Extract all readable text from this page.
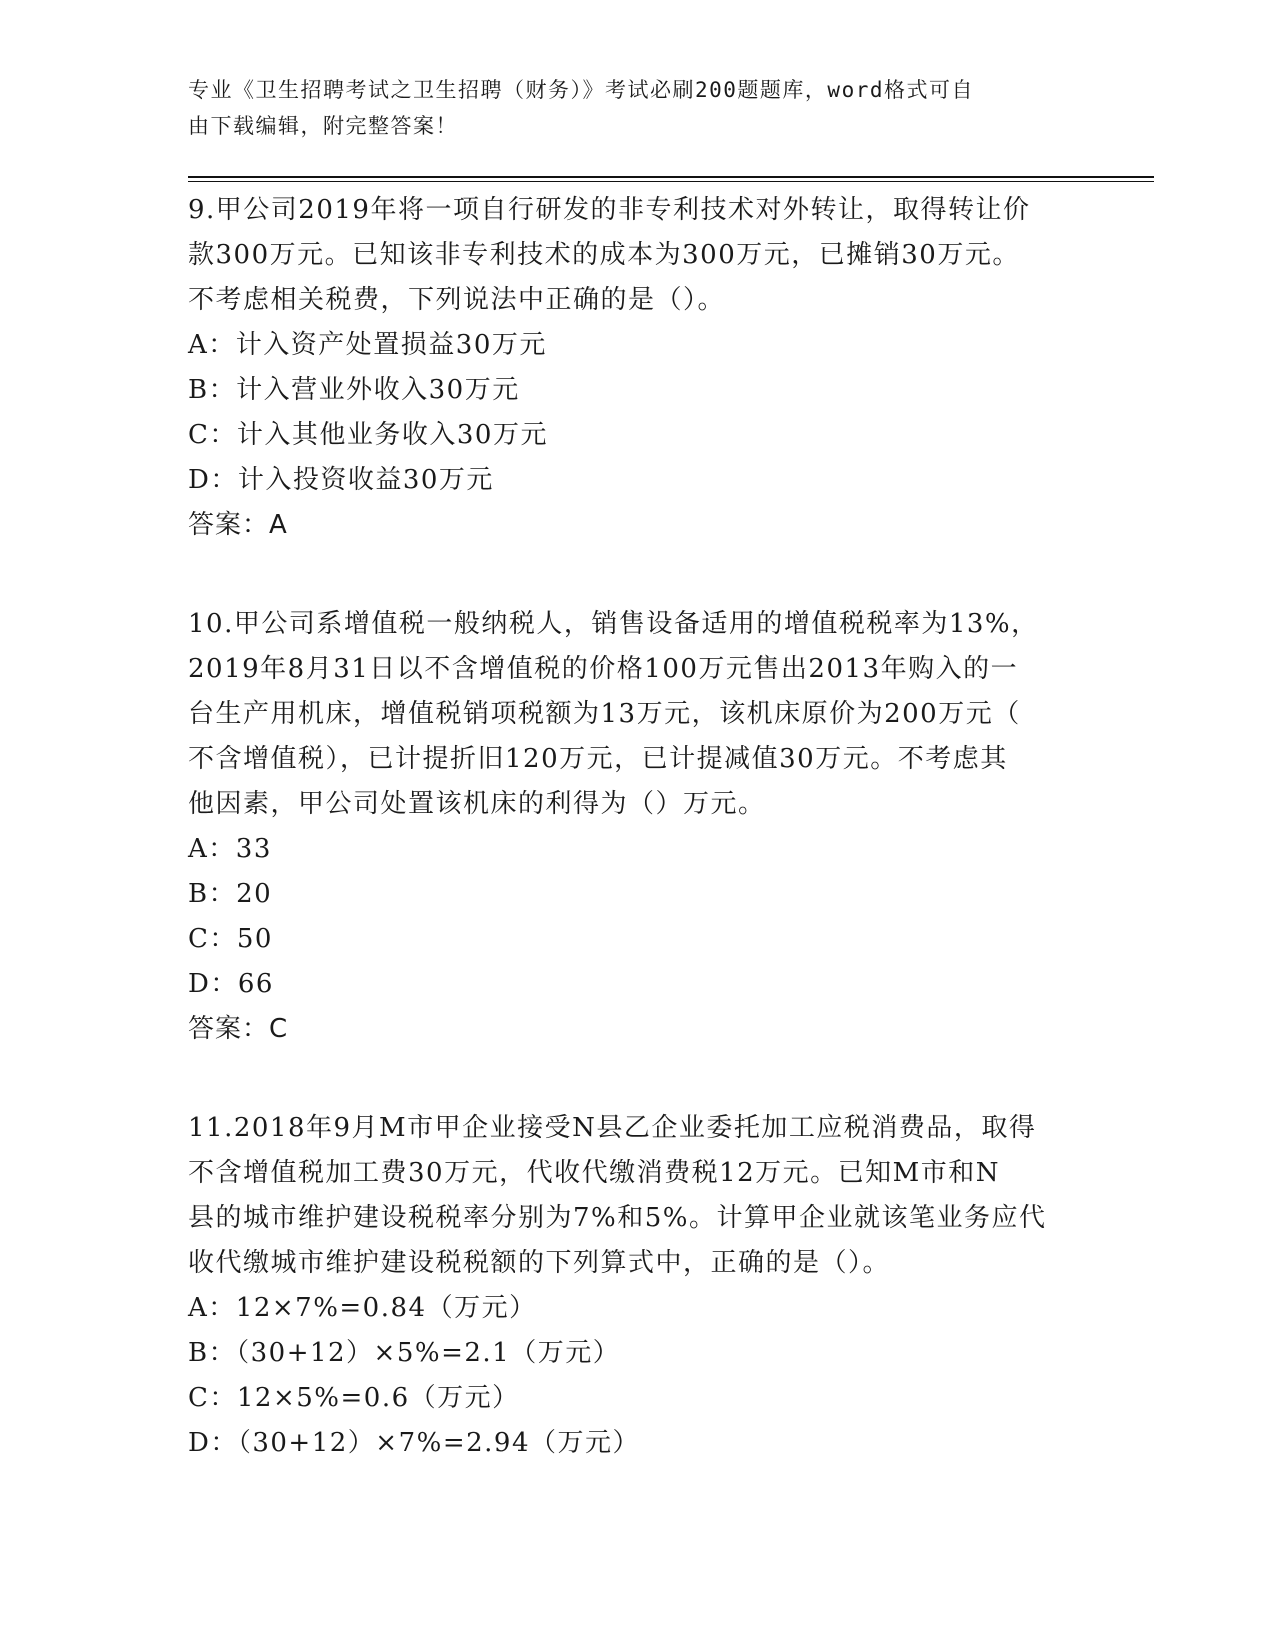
专业《卫生招聘考试之卫生招聘（财务）》考试必刷200题题库，word格式可自
由下载编辑，附完整答案！

9.甲公司2019年将一项自行研发的非专利技术对外转让，取得转让价

款300万元。已知该非专利技术的成本为300万元，已摊销30万元。

不考虑相关税费，下列说法中正确的是（）。

A：计入资产处置损益30万元

B：计入营业外收入30万元

C：计入其他业务收入30万元

D：计入投资收益30万元

答案：A

10.甲公司系增值税一般纳税人，销售设备适用的增值税税率为13%，

2019年8月31日以不含增值税的价格100万元售出2013年购入的一

台生产用机床，增值税销项税额为13万元，该机床原价为200万元（

不含增值税），已计提折旧120万元，已计提减值30万元。不考虑其

他因素，甲公司处置该机床的利得为（）万元。

A：33

B：20

C：50

D：66

答案：C

11.2018年9月M市甲企业接受N县乙企业委托加工应税消费品，取得

不含增值税加工费30万元，代收代缴消费税12万元。已知M市和N

县的城市维护建设税税率分别为7%和5%。计算甲企业就该笔业务应代

收代缴城市维护建设税税额的下列算式中，正确的是（）。

A：12×7%=0.84（万元）

B：（30+12）×5%=2.1（万元）

C：12×5%=0.6（万元）

D：（30+12）×7%=2.94（万元）
